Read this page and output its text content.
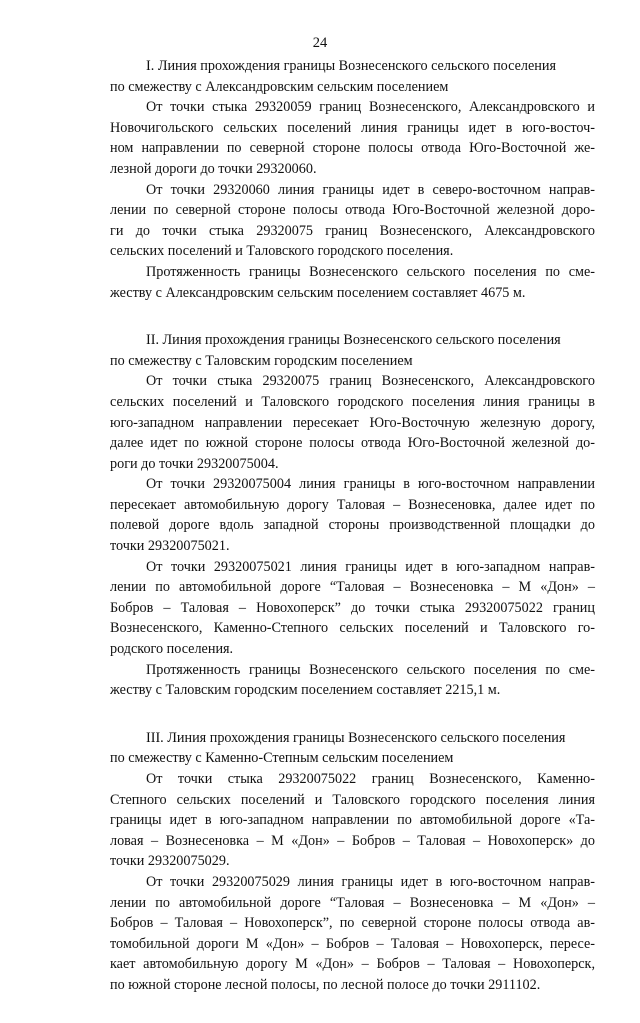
24
I. Линия прохождения границы Вознесенского сельского поселения
по смежеству с Александровским сельским поселением

От точки стыка 29320059 границ Вознесенского, Александровского и
Новочигольского сельских поселений линия границы идет в юго-восточ-
ном направлении по северной стороне полосы отвода Юго-Восточной же-
лезной дороги до точки 29320060.

От точки 29320060 линия границы идет в северо-восточном направ-
лении по северной стороне полосы отвода Юго-Восточной железной доро-
ги до точки стыка 29320075 границ Вознесенского, Александровского
сельских поселений и Таловского городского поселения.

Протяженность границы Вознесенского сельского поселения по сме-
жеству с Александровским сельским поселением составляет 4675 м.

II. Линия прохождения границы Вознесенского сельского поселения
по смежеству с Таловским городским поселением

От точки стыка 29320075 границ Вознесенского, Александровского
сельских поселений и Таловского городского поселения линия границы в
юго-западном направлении пересекает Юго-Восточную железную дорогу,
далее идет по южной стороне полосы отвода Юго-Восточной железной до-
роги до точки 29320075004.

От точки 29320075004 линия границы в юго-восточном направлении
пересекает автомобильную дорогу Таловая – Вознесеновка, далее идет по
полевой дороге вдоль западной стороны производственной площадки до
точки 29320075021.

От точки 29320075021 линия границы идет в юго-западном направ-
лении по автомобильной дороге “Таловая – Вознесеновка – М «Дон» –
Бобров – Таловая – Новохоперск” до точки стыка 29320075022 границ
Вознесенского, Каменно-Степного сельских поселений и Таловского го-
родского поселения.

Протяженность границы Вознесенского сельского поселения по сме-
жеству с Таловским городским поселением составляет 2215,1 м.

III. Линия прохождения границы Вознесенского сельского поселения
по смежеству с Каменно-Степным сельским поселением

От точки стыка 29320075022 границ Вознесенского, Каменно-
Степного сельских поселений и Таловского городского поселения линия
границы идет в юго-западном направлении по автомобильной дороге «Та-
ловая – Вознесеновка – М «Дон» – Бобров – Таловая – Новохоперск» до
точки 29320075029.

От точки 29320075029 линия границы идет в юго-восточном направ-
лении по автомобильной дороге “Таловая – Вознесеновка – М «Дон» –
Бобров – Таловая – Новохоперск”, по северной стороне полосы отвода ав-
томобильной дороги М «Дон» – Бобров – Таловая – Новохоперск, пересе-
кает автомобильную дорогу М «Дон» – Бобров – Таловая – Новохоперск,
по южной стороне лесной полосы, по лесной полосе до точки 2911102.
